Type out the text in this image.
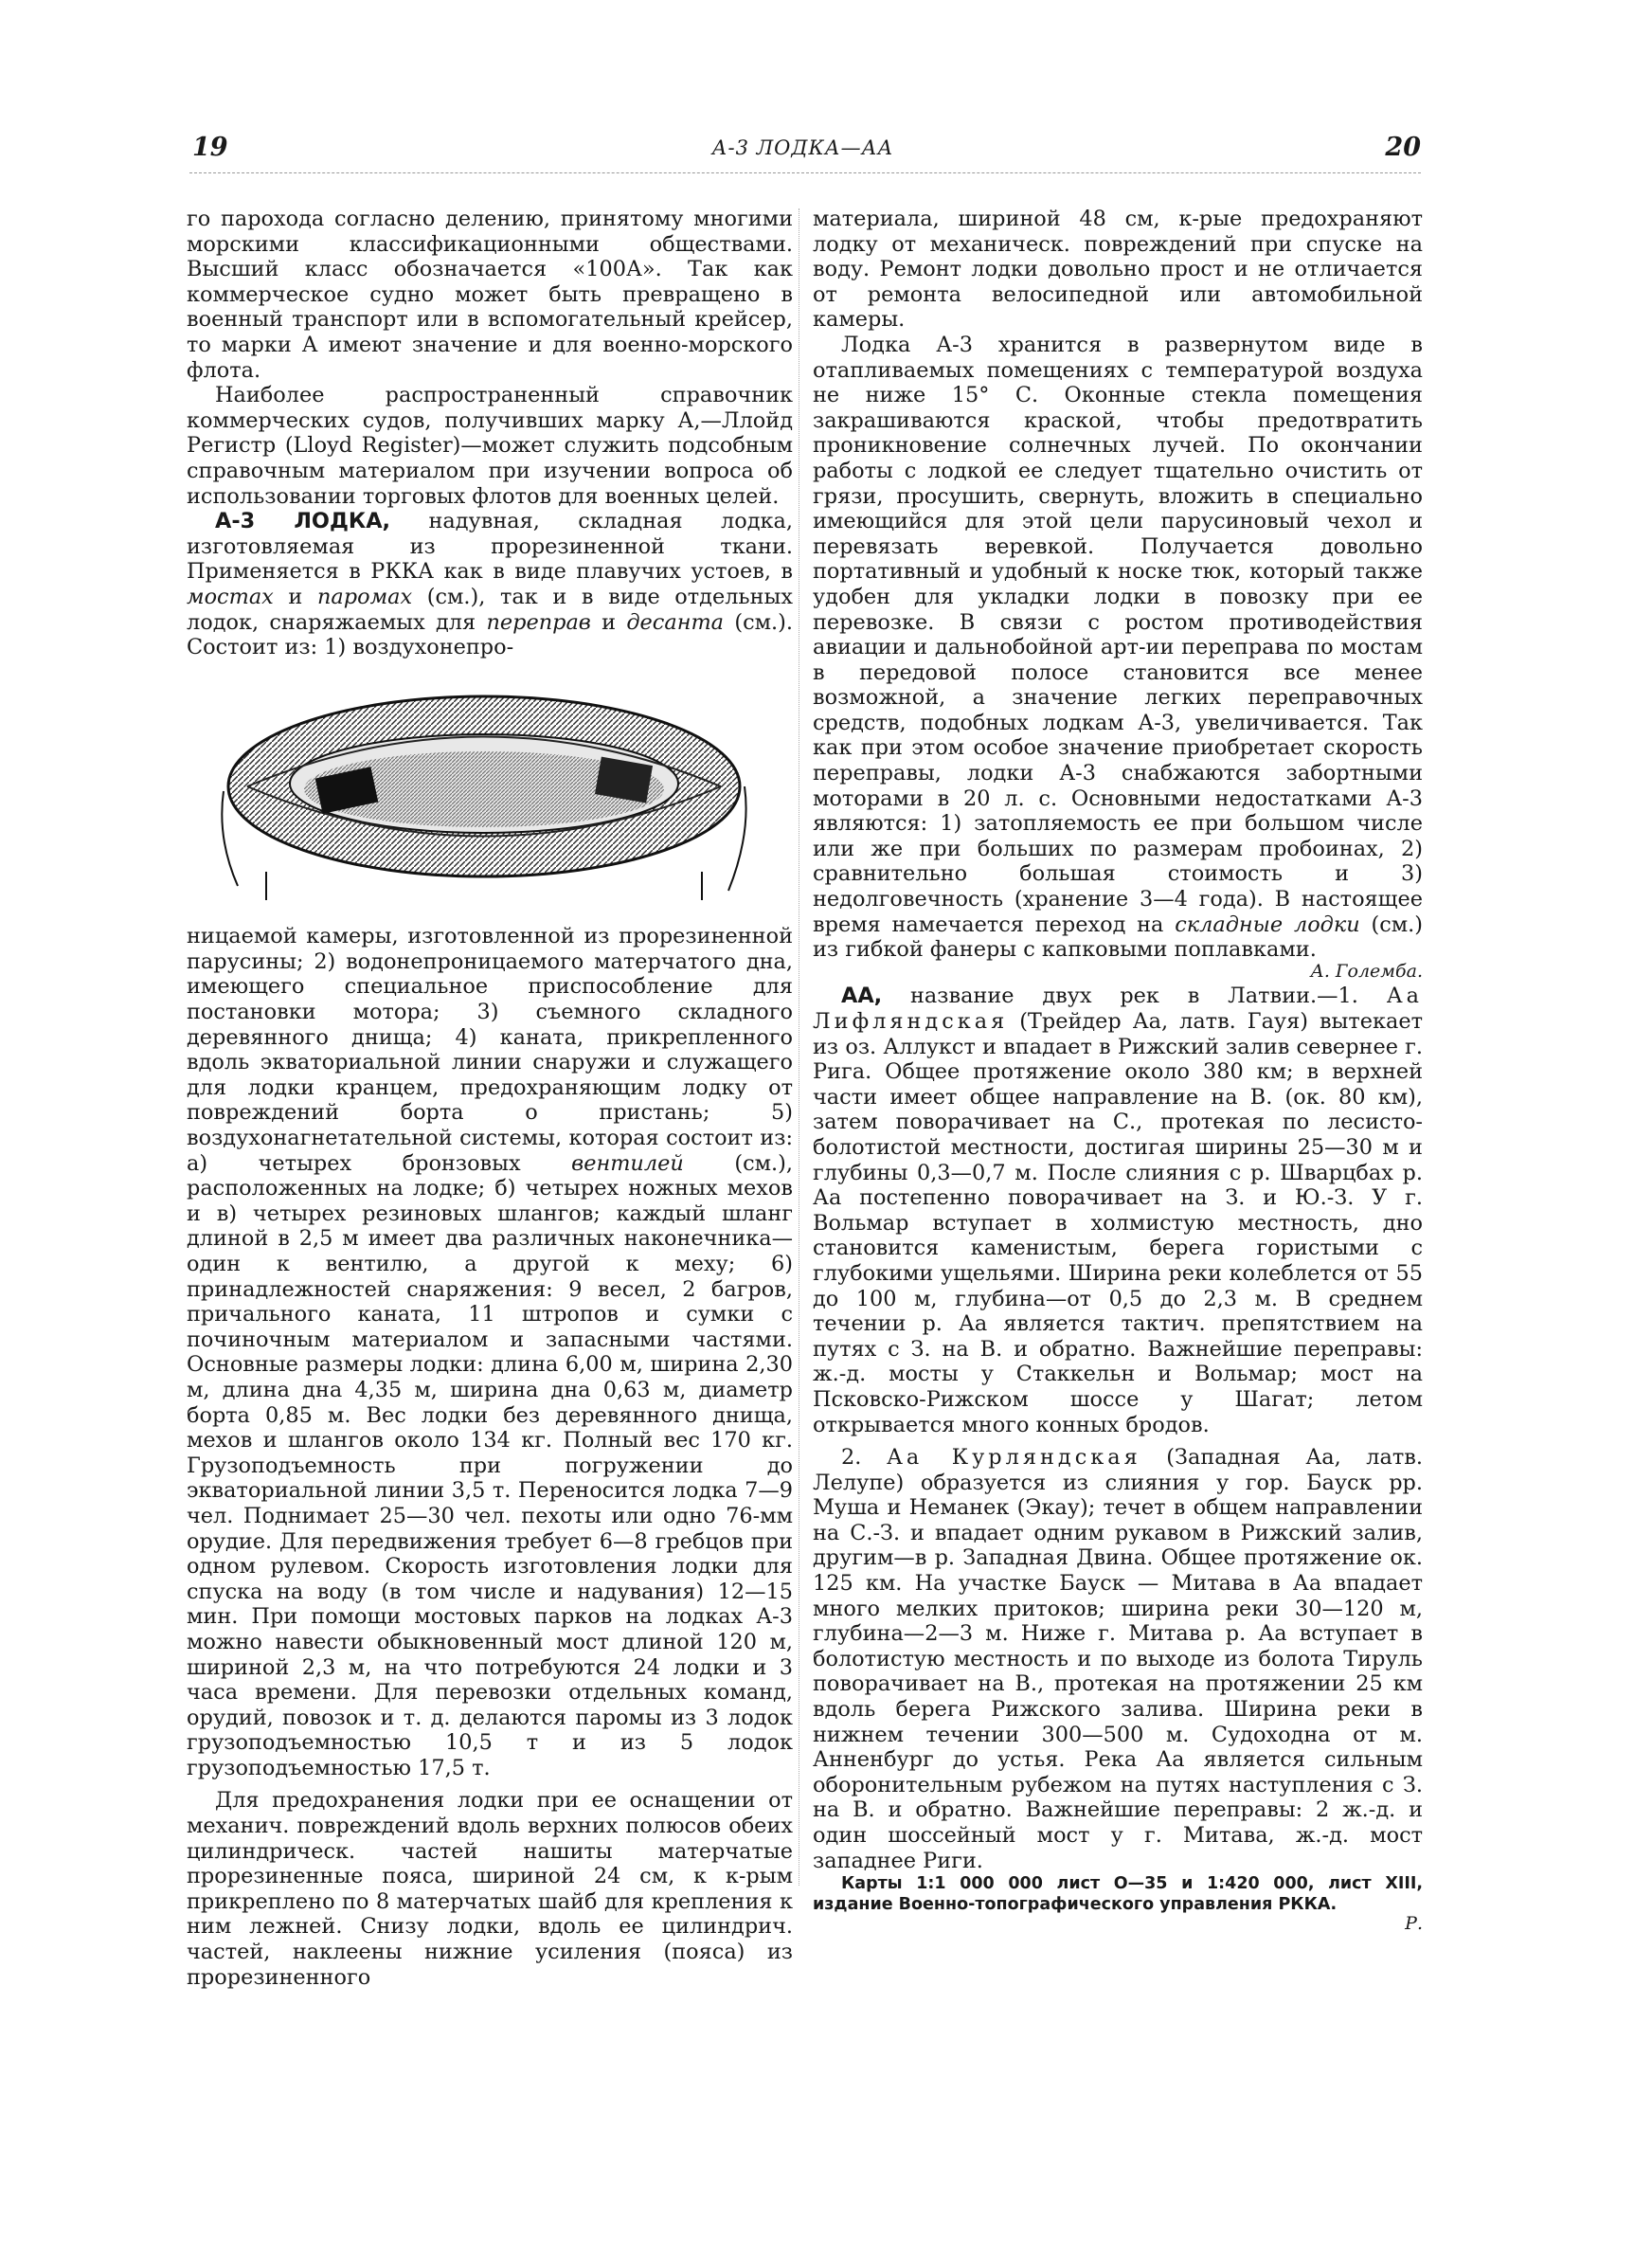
19	А-3 ЛОДКА—АА	20

го парохода согласно делению, принятому многими морскими классификационными обществами. Высший класс обозначается «100А». Так как коммерческое судно может быть превращено в военный транспорт или в вспомогательный крейсер, то марки А имеют значение и для военно-морского флота.

Наиболее распространенный справочник коммерческих судов, получивших марку А,—Ллойд Регистр (Lloyd Register)—может служить подсобным справочным материалом при изучении вопроса об использовании торговых флотов для военных целей.

А-3 ЛОДКА, надувная, складная лодка, изготовляемая из прорезиненной ткани. Применяется в РККА как в виде плавучих устоев, в мостах и паромах (см.), так и в виде отдельных лодок, снаряжаемых для переправ и десанта (см.). Состоит из: 1) воздухонепро-

ницаемой камеры, изготовленной из прорезиненной парусины; 2) водонепроницаемого матерчатого дна, имеющего специальное приспособление для постановки мотора; 3) съемного складного деревянного днища; 4) каната, прикрепленного вдоль экваториальной линии снаружи и служащего для лодки кранцем, предохраняющим лодку от повреждений борта о пристань; 5) воздухонагнетательной системы, которая состоит из: а) четырех бронзовых вентилей (см.), расположенных на лодке; б) четырех ножных мехов и в) четырех резиновых шлангов; каждый шланг длиной в 2,5 м имеет два различных наконечника—один к вентилю, а другой к меху; 6) принадлежностей снаряжения: 9 весел, 2 багров, причального каната, 11 штропов и сумки с починочным материалом и запасными частями. Основные размеры лодки: длина 6,00 м, ширина 2,30 м, длина дна 4,35 м, ширина дна 0,63 м, диаметр борта 0,85 м. Вес лодки без деревянного днища, мехов и шлангов около 134 кг. Полный вес 170 кг. Грузоподъемность при погружении до экваториальной линии 3,5 т. Переносится лодка 7—9 чел. Поднимает 25—30 чел. пехоты или одно 76-мм орудие. Для передвижения требует 6—8 гребцов при одном рулевом. Скорость изготовления лодки для спуска на воду (в том числе и надувания) 12—15 мин. При помощи мостовых парков на лодках А-3 можно навести обыкновенный мост длиной 120 м, шириной 2,3 м, на что потребуются 24 лодки и 3 часа времени. Для перевозки отдельных команд, орудий, повозок и т. д. делаются паромы из 3 лодок грузоподъемностью 10,5 т и из 5 лодок грузоподъемностью 17,5 т.

Для предохранения лодки при ее оснащении от механич. повреждений вдоль верхних полюсов обеих цилиндрическ. частей нашиты матерчатые прорезиненные пояса, шириной 24 см, к к-рым прикреплено по 8 матерчатых шайб для крепления к ним лежней. Снизу лодки, вдоль ее цилиндрич. частей, наклеены нижние усиления (пояса) из прорезиненного

материала, шириной 48 см, к-рые предохраняют лодку от механическ. повреждений при спуске на воду. Ремонт лодки довольно прост и не отличается от ремонта велосипедной или автомобильной камеры.

Лодка А-3 хранится в развернутом виде в отапливаемых помещениях с температурой воздуха не ниже 15° С. Оконные стекла помещения закрашиваются краской, чтобы предотвратить проникновение солнечных лучей. По окончании работы с лодкой ее следует тщательно очистить от грязи, просушить, свернуть, вложить в специально имеющийся для этой цели парусиновый чехол и перевязать веревкой. Получается довольно портативный и удобный к носке тюк, который также удобен для укладки лодки в повозку при ее перевозке. В связи с ростом противодействия авиации и дальнобойной арт-ии переправа по мостам в передовой полосе становится все менее возможной, а значение легких переправочных средств, подобных лодкам А-3, увеличивается. Так как при этом особое значение приобретает скорость переправы, лодки А-3 снабжаются забортными моторами в 20 л. с. Основными недостатками А-3 являются: 1) затопляемость ее при большом числе или же при больших по размерам пробоинах, 2) сравнительно большая стоимость и 3) недолговечность (хранение 3—4 года). В настоящее время намечается переход на складные лодки (см.) из гибкой фанеры с капковыми поплавками.
А. Големба.

АА, название двух рек в Латвии.—1. Аа Лифляндская (Трейдер Аа, латв. Гауя) вытекает из оз. Аллукст и впадает в Рижский залив севернее г. Рига. Общее протяжение около 380 км; в верхней части имеет общее направление на В. (ок. 80 км), затем поворачивает на С., протекая по лесисто-болотистой местности, достигая ширины 25—30 м и глубины 0,3—0,7 м. После слияния с р. Шварцбах р. Аа постепенно поворачивает на З. и Ю.-З. У г. Вольмар вступает в холмистую местность, дно становится каменистым, берега гористыми с глубокими ущельями. Ширина реки колеблется от 55 до 100 м, глубина—от 0,5 до 2,3 м. В среднем течении р. Аа является тактич. препятствием на путях с З. на В. и обратно. Важнейшие переправы: ж.-д. мосты у Стаккельн и Вольмар; мост на Псковско-Рижском шоссе у Шагат; летом открывается много конных бродов.

2. Аа Курляндская (Западная Аа, латв. Лелупе) образуется из слияния у гор. Бауск рр. Муша и Неманек (Экау); течет в общем направлении на С.-З. и впадает одним рукавом в Рижский залив, другим—в р. Западная Двина. Общее протяжение ок. 125 км. На участке Бауск — Митава в Аа впадает много мелких притоков; ширина реки 30—120 м, глубина—2—3 м. Ниже г. Митава р. Аа вступает в болотистую местность и по выходе из болота Тируль поворачивает на В., протекая на протяжении 25 км вдоль берега Рижского залива. Ширина реки в нижнем течении 300—500 м. Судоходна от м. Анненбург до устья. Река Аа является сильным оборонительным рубежом на путях наступления с З. на В. и обратно. Важнейшие переправы: 2 ж.-д. и один шоссейный мост у г. Митава, ж.-д. мост западнее Риги.

Карты 1:1 000 000 лист О—35 и 1:420 000, лист XIII, издание Военно-топографического управления РККА.

Р.
